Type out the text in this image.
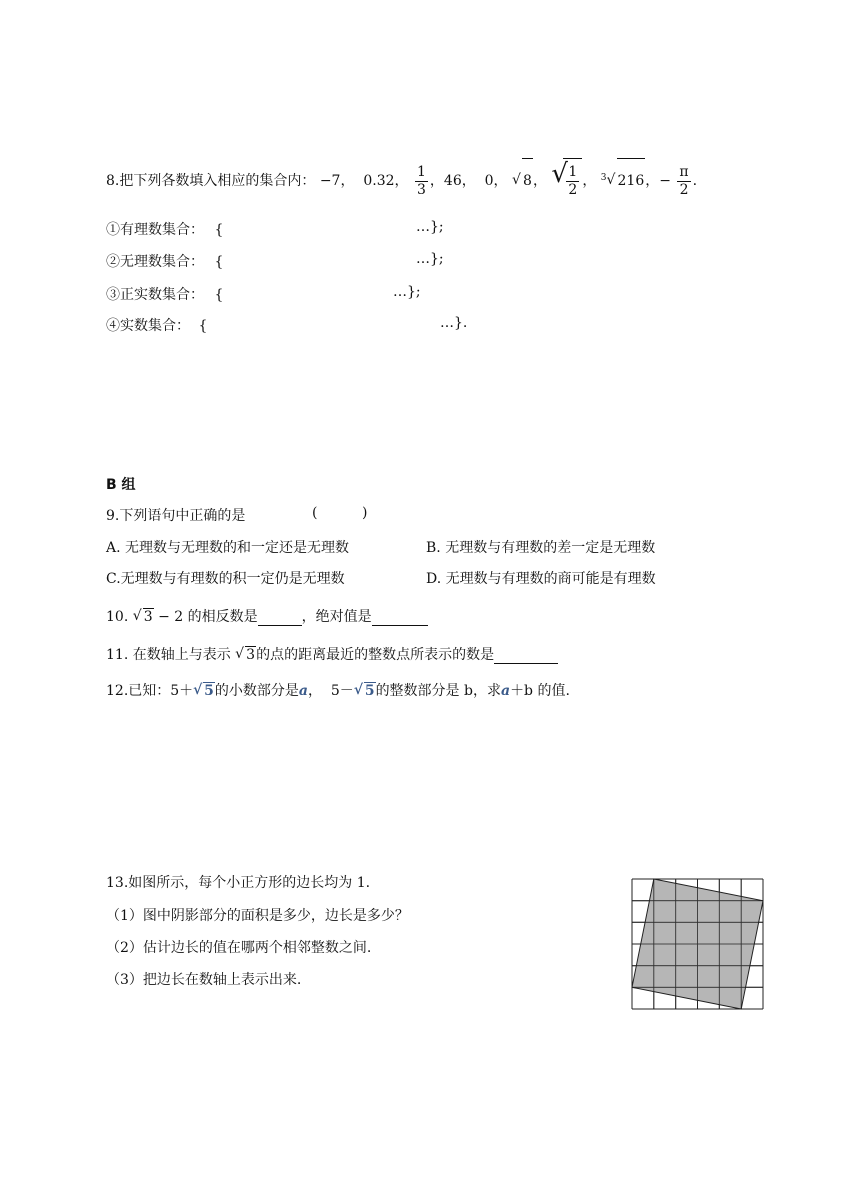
8.把下列各数填入相应的集合内： −7， 0.32， $\frac{1}{3}$ ，46， 0， √ 8， √
$\frac{1}{2}$ ， $^3$ √ 216，− $\frac{\pi}{2}$ .
①有理数集合： {	…};
②无理数集合： {	…};
③正实数集合： {	…};
④实数集合： {	…}.
B 组
9.下列语句中正确的是	(          )
A. 无理数与无理数的和一定还是无理数	B. 无理数与有理数的差一定是无理数
C.无理数与有理数的积一定仍是无理数	D. 无理数与有理数的商可能是有理数
10. √ 3 − 2 的相反数是	，绝对值是
11. 在数轴上与表示 √ 3的点的距离最近的整数点所表示的数是
12.已知：5＋ √ 5的小数部分是a，  5－ √ 5的整数部分是 b，求a＋b 的值.
13.如图所示，每个小正方形的边长均为 1.
（1）图中阴影部分的面积是多少，边长是多少？
（2）估计边长的值在哪两个相邻整数之间.
（3）把边长在数轴上表示出来.
